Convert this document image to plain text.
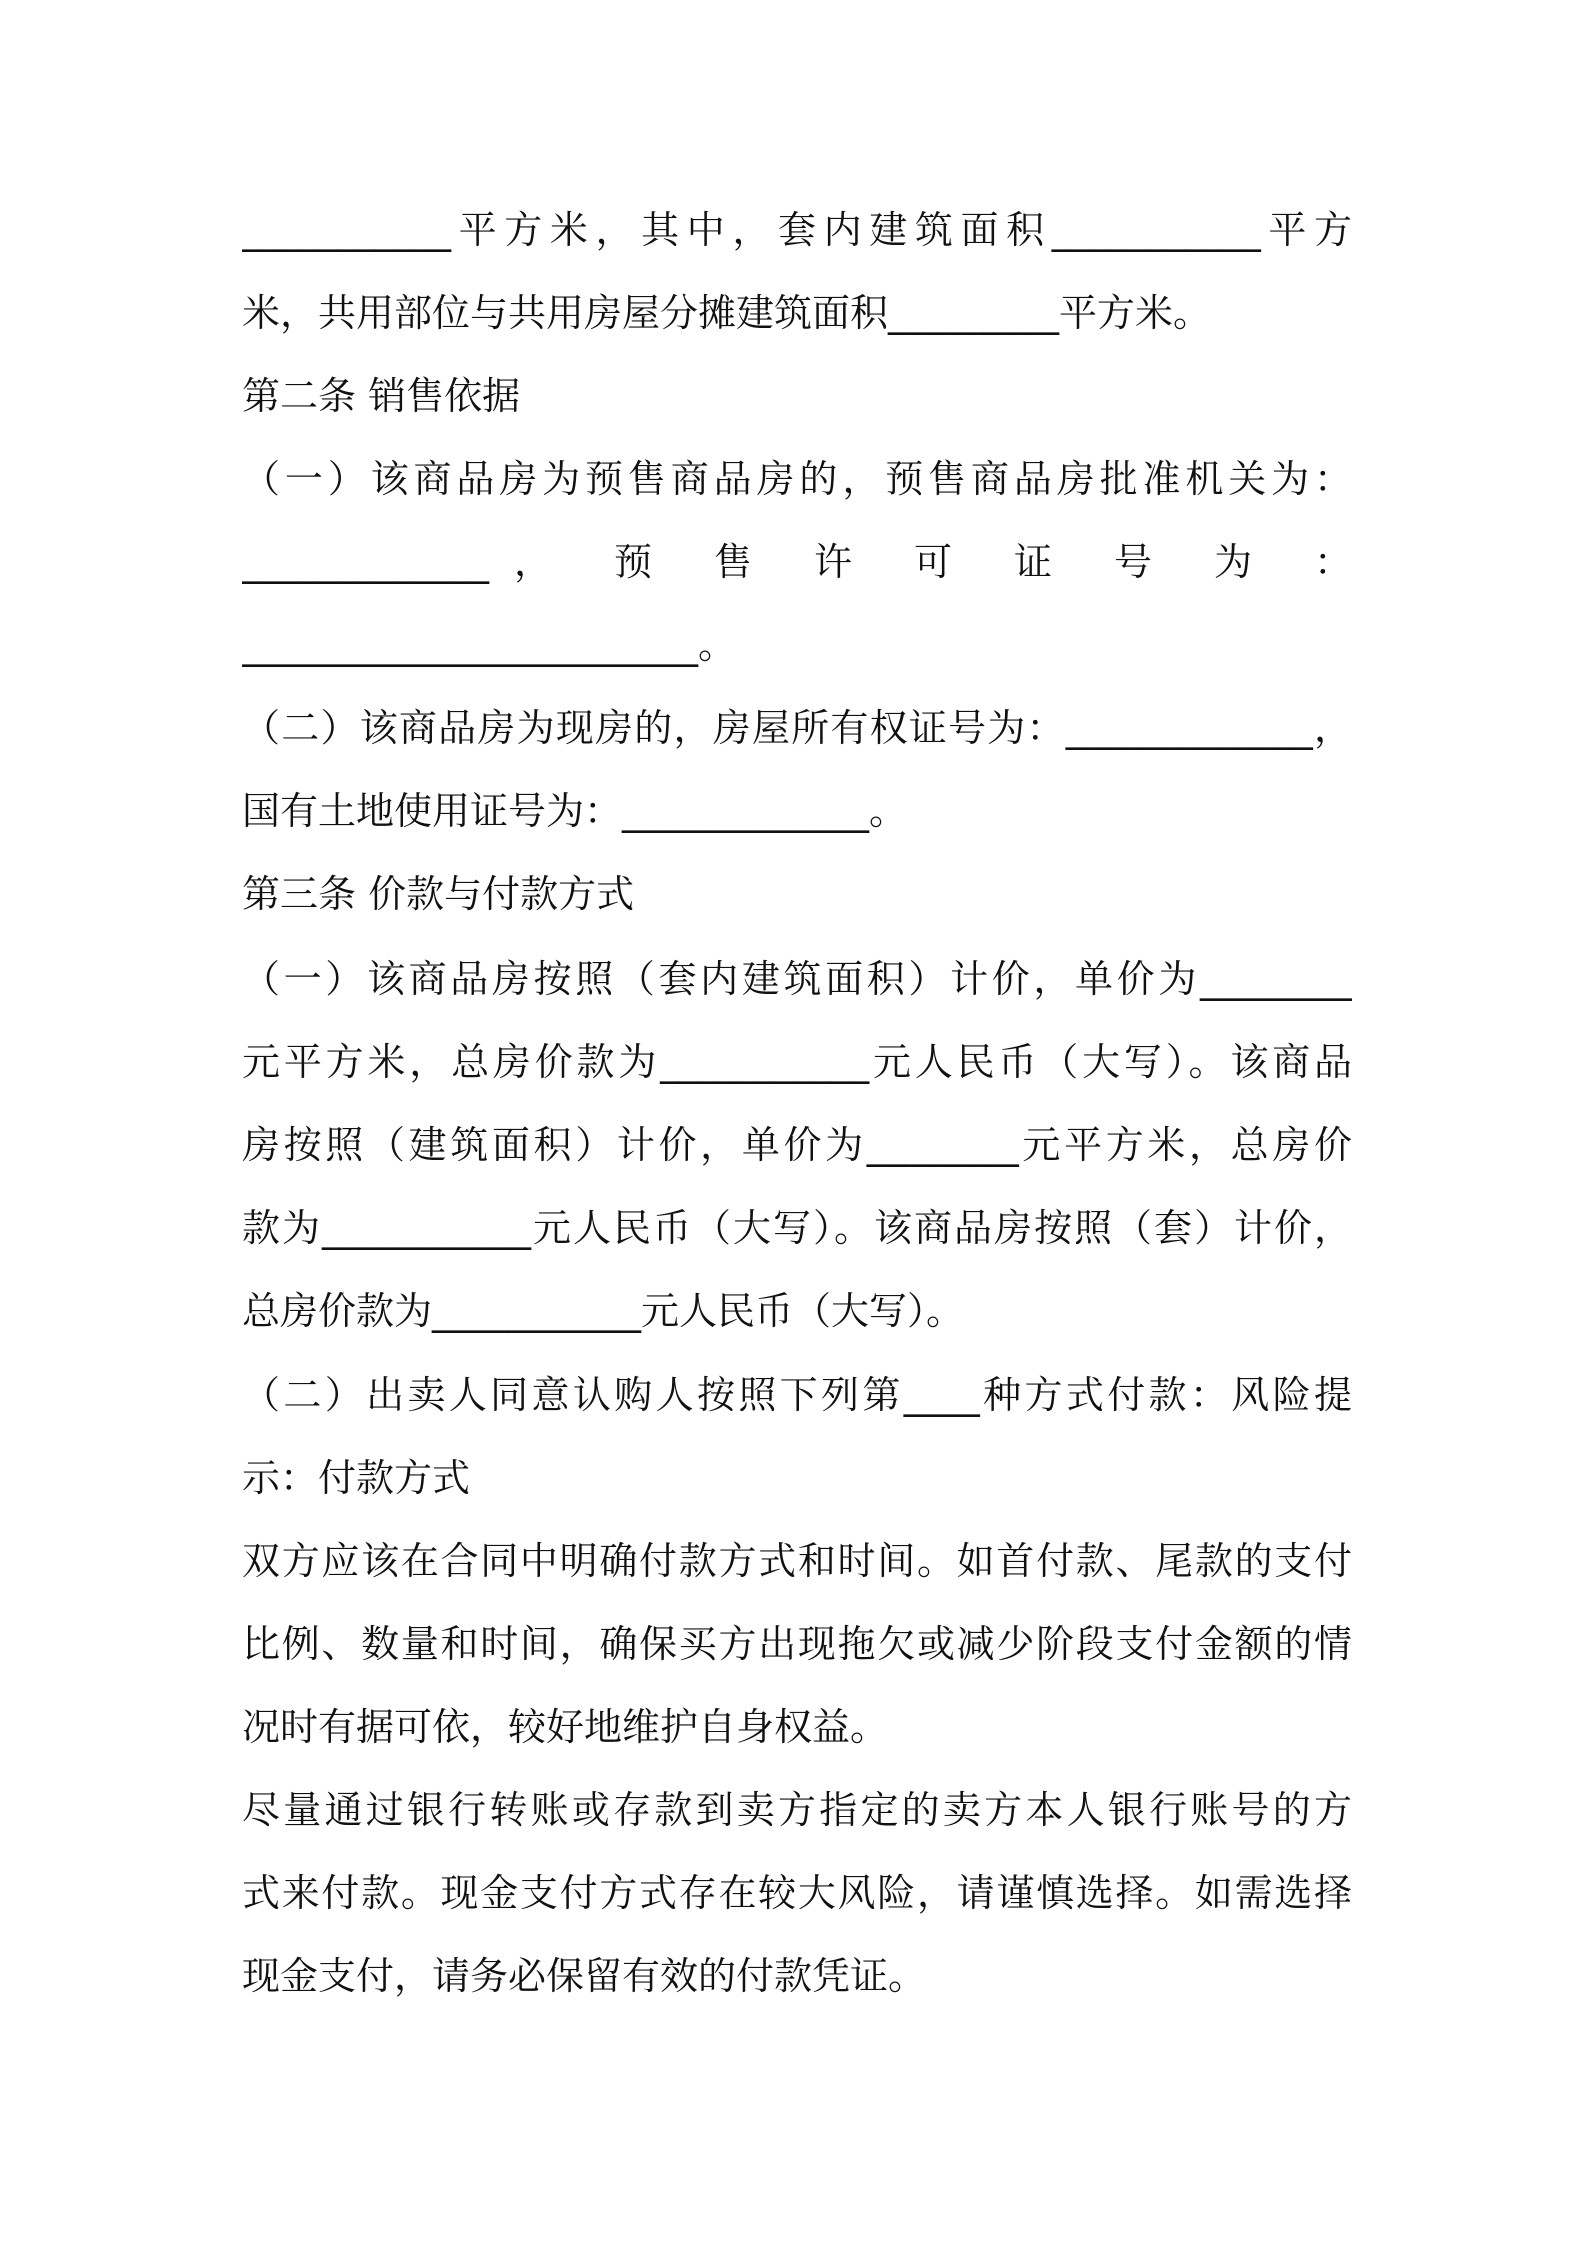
___________平方米，其中，套内建筑面积___________平方
米，共用部位与共用房屋分摊建筑面积_________平方米。
第二条 销售依据
（一）该商品房为预售商品房的，预售商品房批准机关为：
_____________， 预 售 许 可 证 号 为 ：
________________________。
（二）该商品房为现房的，房屋所有权证号为：_____________，
国有土地使用证号为：_____________。
第三条 价款与付款方式
（一）该商品房按照（套内建筑面积）计价，单价为________
元平方米，总房价款为___________元人民币（大写）。该商品
房按照（建筑面积）计价，单价为________元平方米，总房价
款为___________元人民币（大写）。该商品房按照（套）计价，
总房价款为___________元人民币（大写）。
（二）出卖人同意认购人按照下列第____种方式付款：风险提
示：付款方式
双方应该在合同中明确付款方式和时间。如首付款、尾款的支付
比例、数量和时间，确保买方出现拖欠或减少阶段支付金额的情
况时有据可依，较好地维护自身权益。
尽量通过银行转账或存款到卖方指定的卖方本人银行账号的方
式来付款。现金支付方式存在较大风险，请谨慎选择。如需选择
现金支付，请务必保留有效的付款凭证。
